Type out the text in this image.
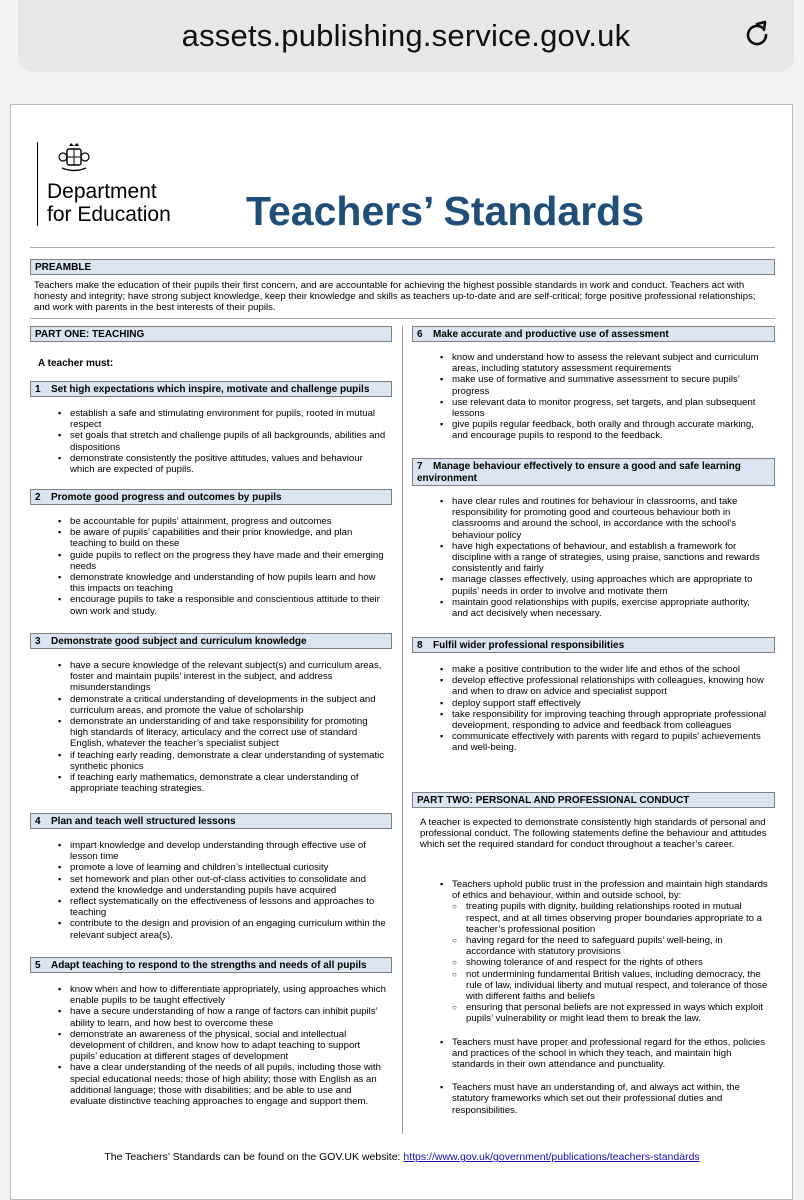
assets.publishing.service.gov.uk
Department
for Education Teachers’ Standards
PREAMBLE
Teachers make the education of their pupils their first concern, and are accountable for achieving the highest possible standards in work and conduct. Teachers act with honesty and integrity; have strong subject knowledge, keep their knowledge and skills as teachers up-to-date and are self-critical; forge positive professional relationships; and work with parents in the best interests of their pupils.
PART ONE: TEACHING
A teacher must:
1 Set high expectations which inspire, motivate and challenge pupils
▪ establish a safe and stimulating environment for pupils, rooted in mutual respect
▪ set goals that stretch and challenge pupils of all backgrounds, abilities and dispositions
▪ demonstrate consistently the positive attitudes, values and behaviour which are expected of pupils.
2 Promote good progress and outcomes by pupils
▪ be accountable for pupils’ attainment, progress and outcomes
▪ be aware of pupils’ capabilities and their prior knowledge, and plan teaching to build on these
▪ guide pupils to reflect on the progress they have made and their emerging needs
▪ demonstrate knowledge and understanding of how pupils learn and how this impacts on teaching
▪ encourage pupils to take a responsible and conscientious attitude to their own work and study.
3 Demonstrate good subject and curriculum knowledge
▪ have a secure knowledge of the relevant subject(s) and curriculum areas, foster and maintain pupils’ interest in the subject, and address misunderstandings
▪ demonstrate a critical understanding of developments in the subject and curriculum areas, and promote the value of scholarship
▪ demonstrate an understanding of and take responsibility for promoting high standards of literacy, articulacy and the correct use of standard English, whatever the teacher’s specialist subject
▪ if teaching early reading, demonstrate a clear understanding of systematic synthetic phonics
▪ if teaching early mathematics, demonstrate a clear understanding of appropriate teaching strategies.
4 Plan and teach well structured lessons
▪ impart knowledge and develop understanding through effective use of lesson time
▪ promote a love of learning and children’s intellectual curiosity
▪ set homework and plan other out-of-class activities to consolidate and extend the knowledge and understanding pupils have acquired
▪ reflect systematically on the effectiveness of lessons and approaches to teaching
▪ contribute to the design and provision of an engaging curriculum within the relevant subject area(s).
5 Adapt teaching to respond to the strengths and needs of all pupils
▪ know when and how to differentiate appropriately, using approaches which enable pupils to be taught effectively
▪ have a secure understanding of how a range of factors can inhibit pupils’ ability to learn, and how best to overcome these
▪ demonstrate an awareness of the physical, social and intellectual development of children, and know how to adapt teaching to support pupils’ education at different stages of development
▪ have a clear understanding of the needs of all pupils, including those with special educational needs; those of high ability; those with English as an additional language; those with disabilities; and be able to use and evaluate distinctive teaching approaches to engage and support them.
6 Make accurate and productive use of assessment
▪ know and understand how to assess the relevant subject and curriculum areas, including statutory assessment requirements
▪ make use of formative and summative assessment to secure pupils’ progress
▪ use relevant data to monitor progress, set targets, and plan subsequent lessons
▪ give pupils regular feedback, both orally and through accurate marking, and encourage pupils to respond to the feedback.
7 Manage behaviour effectively to ensure a good and safe learning environment
▪ have clear rules and routines for behaviour in classrooms, and take responsibility for promoting good and courteous behaviour both in classrooms and around the school, in accordance with the school’s behaviour policy
▪ have high expectations of behaviour, and establish a framework for discipline with a range of strategies, using praise, sanctions and rewards consistently and fairly
▪ manage classes effectively, using approaches which are appropriate to pupils’ needs in order to involve and motivate them
▪ maintain good relationships with pupils, exercise appropriate authority, and act decisively when necessary.
8 Fulfil wider professional responsibilities
▪ make a positive contribution to the wider life and ethos of the school
▪ develop effective professional relationships with colleagues, knowing how and when to draw on advice and specialist support
▪ deploy support staff effectively
▪ take responsibility for improving teaching through appropriate professional development, responding to advice and feedback from colleagues
▪ communicate effectively with parents with regard to pupils’ achievements and well-being.
PART TWO: PERSONAL AND PROFESSIONAL CONDUCT
A teacher is expected to demonstrate consistently high standards of personal and professional conduct. The following statements define the behaviour and attitudes which set the required standard for conduct throughout a teacher’s career.
▪ Teachers uphold public trust in the profession and maintain high standards of ethics and behaviour, within and outside school, by:
○ treating pupils with dignity, building relationships rooted in mutual respect, and at all times observing proper boundaries appropriate to a teacher’s professional position
○ having regard for the need to safeguard pupils’ well-being, in accordance with statutory provisions
○ showing tolerance of and respect for the rights of others
○ not undermining fundamental British values, including democracy, the rule of law, individual liberty and mutual respect, and tolerance of those with different faiths and beliefs
○ ensuring that personal beliefs are not expressed in ways which exploit pupils’ vulnerability or might lead them to break the law.
▪ Teachers must have proper and professional regard for the ethos, policies and practices of the school in which they teach, and maintain high standards in their own attendance and punctuality.
▪ Teachers must have an understanding of, and always act within, the statutory frameworks which set out their professional duties and responsibilities.
The Teachers’ Standards can be found on the GOV.UK website: https://www.gov.uk/government/publications/teachers-standards
